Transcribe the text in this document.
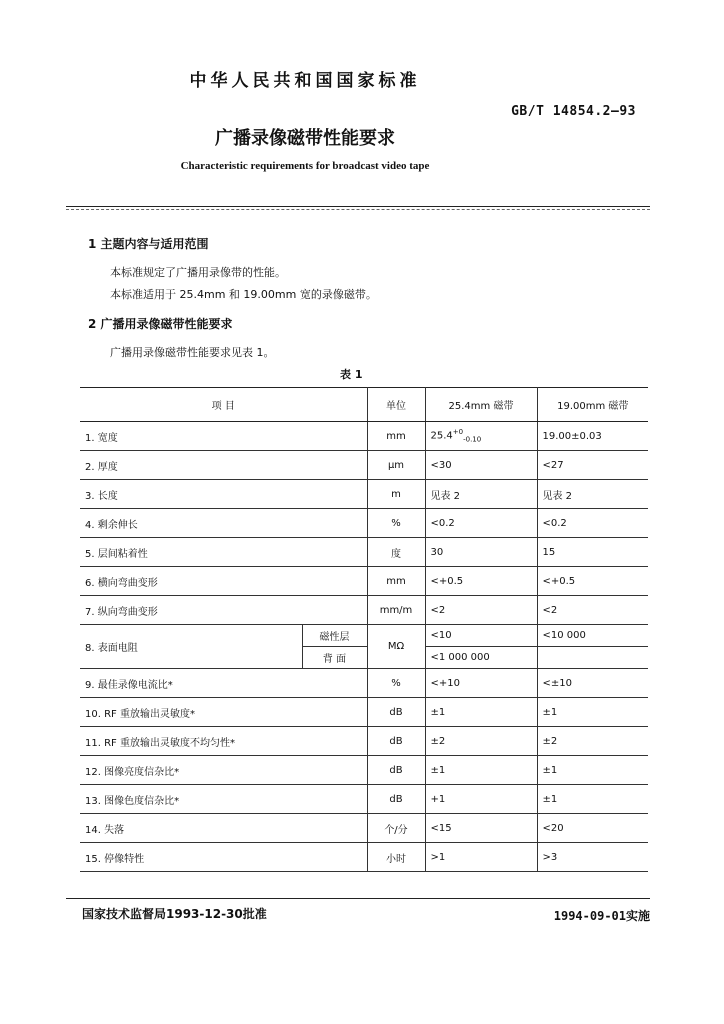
中华人民共和国国家标准
GB/T 14854.2—93
广播录像磁带性能要求
Characteristic requirements for broadcast video tape
1 主题内容与适用范围
本标准规定了广播用录像带的性能。
本标准适用于 25.4mm 和 19.00mm 宽的录像磁带。
2 广播用录像磁带性能要求
广播用录像磁带性能要求见表 1。
表 1
项 目		单位	25.4mm 磁带	19.00mm 磁带
1. 宽度		mm	$25.4^{+0}_{-0.10}$	19.00±0.03
2. 厚度		μm	<30	<27
3. 长度		m	见表 2	见表 2
4. 剩余伸长		%	<0.2	<0.2
5. 层间粘着性		度	30	15
6. 横向弯曲变形		mm	<+0.5	<+0.5
7. 纵向弯曲变形		mm/m	<2	<2
8. 表面电阻	磁性层	MΩ	<10	<10 000
	背 面		<1 000 000	
9. 最佳录像电流比*		%	<+10	<±10
10. RF 重放输出灵敏度*		dB	±1	±1
11. RF 重放输出灵敏度不均匀性*		dB	±2	±2
12. 图像亮度信杂比*		dB	±1	±1
13. 图像色度信杂比*		dB	+1	±1
14. 失落		个/分	<15	<20
15. 停像特性		小时	>1	>3
国家技术监督局1993-12-30批准	1994-09-01实施
